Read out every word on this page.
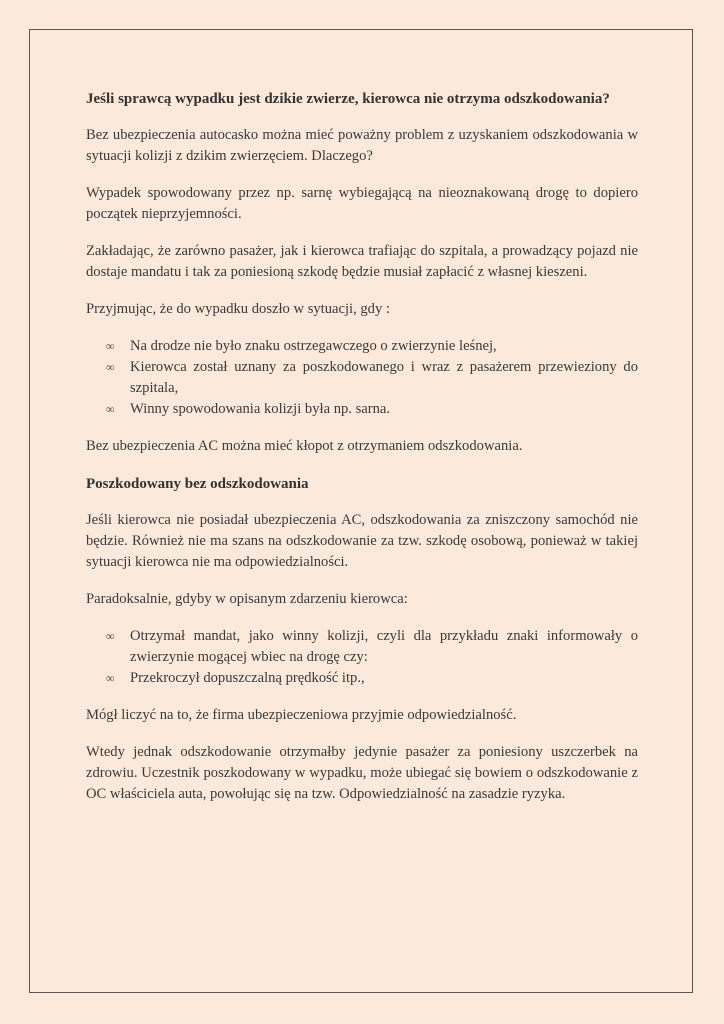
Jeśli sprawcą wypadku jest dzikie zwierze, kierowca nie otrzyma odszkodowania?

Bez ubezpieczenia autocasko można mieć poważny problem z uzyskaniem odszkodowania w sytuacji kolizji z dzikim zwierzęciem. Dlaczego?

Wypadek spowodowany przez np. sarnę wybiegającą na nieoznakowaną drogę to dopiero początek nieprzyjemności.

Zakładając, że zarówno pasażer, jak i kierowca trafiając do szpitala, a prowadzący pojazd nie dostaje mandatu i tak za poniesioną szkodę będzie musiał zapłacić z własnej kieszeni.

Przyjmując, że do wypadku doszło w sytuacji, gdy :

∞ Na drodze nie było znaku ostrzegawczego o zwierzynie leśnej,
∞ Kierowca został uznany za poszkodowanego i wraz z pasażerem przewieziony do szpitala,
∞ Winny spowodowania kolizji była np. sarna.

Bez ubezpieczenia AC można mieć kłopot z otrzymaniem odszkodowania.

Poszkodowany bez odszkodowania

Jeśli kierowca nie posiadał ubezpieczenia AC, odszkodowania za zniszczony samochód nie będzie. Również nie ma szans na odszkodowanie za tzw. szkodę osobową, ponieważ w takiej sytuacji kierowca nie ma odpowiedzialności.

Paradoksalnie, gdyby w opisanym zdarzeniu kierowca:

∞ Otrzymał mandat, jako winny kolizji, czyli dla przykładu znaki informowały o zwierzynie mogącej wbiec na drogę czy:
∞ Przekroczył dopuszczalną prędkość itp.,

Mógł liczyć na to, że firma ubezpieczeniowa przyjmie odpowiedzialność.

Wtedy jednak odszkodowanie otrzymałby jedynie pasażer za poniesiony uszczerbek na zdrowiu. Uczestnik poszkodowany w wypadku, może ubiegać się bowiem o odszkodowanie z OC właściciela auta, powołując się na tzw. Odpowiedzialność na zasadzie ryzyka.
